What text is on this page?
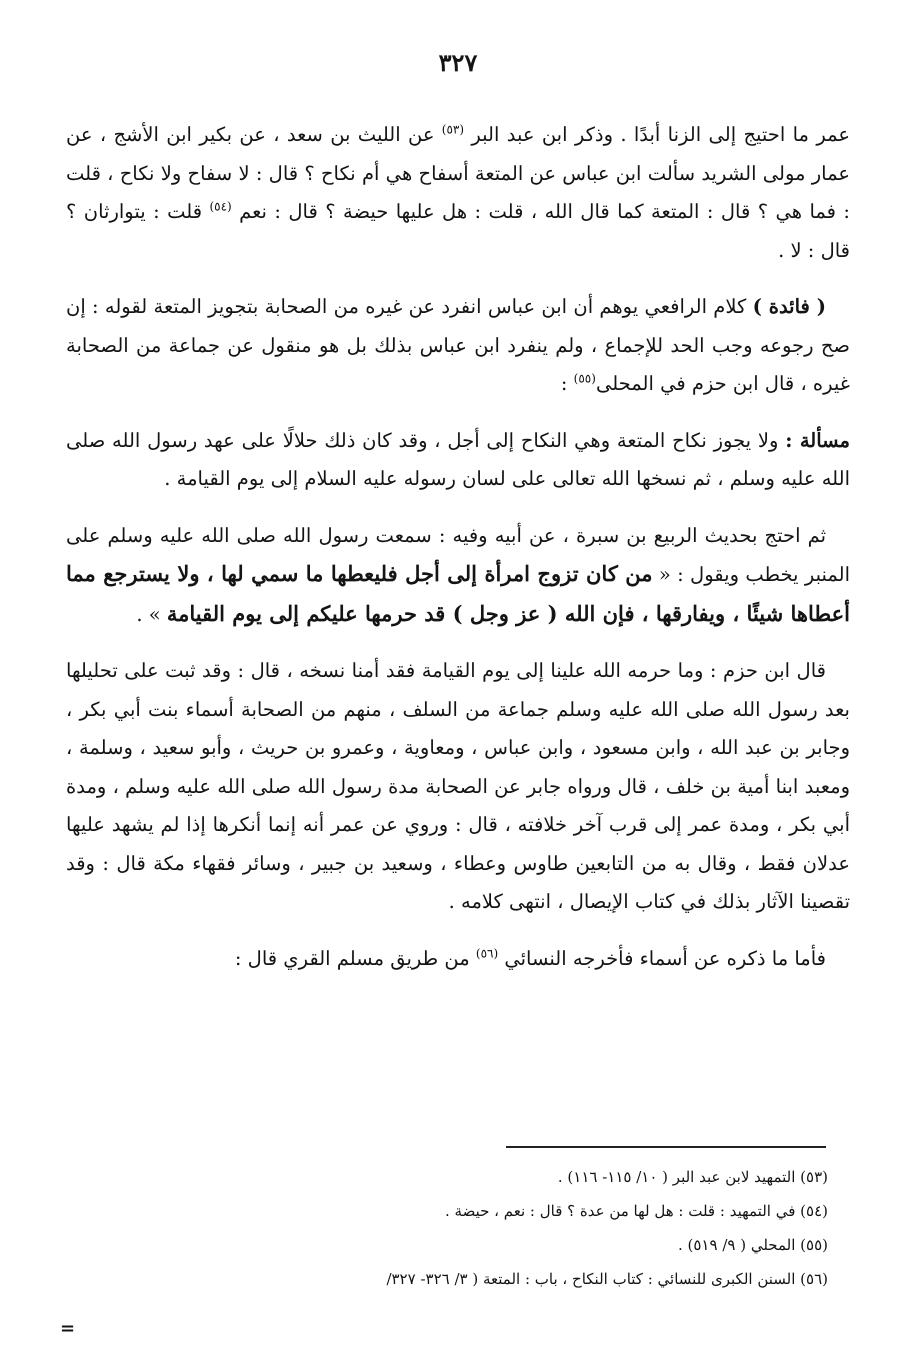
٣٢٧

عمر ما احتيج إلى الزنا أبدًا . وذكر ابن عبد البر $^{(٥٣)}$ عن الليث بن سعد ، عن بكير ابن الأشج ، عن عمار مولى الشريد سألت ابن عباس عن المتعة أسفاح هي أم نكاح ؟ قال : لا سفاح ولا نكاح ، قلت : فما هي ؟ قال : المتعة كما قال الله ، قلت : هل عليها حيضة ؟ قال : نعم $^{(٥٤)}$ قلت : يتوارثان ؟ قال : لا .

( فائدة ) كلام الرافعي يوهم أن ابن عباس انفرد عن غيره من الصحابة بتجويز المتعة لقوله : إن صح رجوعه وجب الحد للإجماع ، ولم ينفرد ابن عباس بذلك بل هو منقول عن جماعة من الصحابة غيره ، قال ابن حزم في المحلى$^{(٥٥)}$ :

مسألة : ولا يجوز نكاح المتعة وهي النكاح إلى أجل ، وقد كان ذلك حلالًا على عهد رسول الله صلى الله عليه وسلم ، ثم نسخها الله تعالى على لسان رسوله عليه السلام إلى يوم القيامة .

ثم احتج بحديث الربيع بن سبرة ، عن أبيه وفيه : سمعت رسول الله صلى الله عليه وسلم على المنبر يخطب ويقول : « من كان تزوج امرأة إلى أجل فليعطها ما سمي لها ، ولا يسترجع مما أعطاها شيئًا ، ويفارقها ، فإن الله ( عز وجل ) قد حرمها عليكم إلى يوم القيامة » .

قال ابن حزم : وما حرمه الله علينا إلى يوم القيامة فقد أمنا نسخه ، قال : وقد ثبت على تحليلها بعد رسول الله صلى الله عليه وسلم جماعة من السلف ، منهم من الصحابة أسماء بنت أبي بكر ، وجابر بن عبد الله ، وابن مسعود ، وابن عباس ، ومعاوية ، وعمرو بن حريث ، وأبو سعيد ، وسلمة ، ومعبد ابنا أمية بن خلف ، قال ورواه جابر عن الصحابة مدة رسول الله صلى الله عليه وسلم ، ومدة أبي بكر ، ومدة عمر إلى قرب آخر خلافته ، قال : وروي عن عمر أنه إنما أنكرها إذا لم يشهد عليها عدلان فقط ، وقال به من التابعين طاوس وعطاء ، وسعيد بن جبير ، وسائر فقهاء مكة قال : وقد تقصينا الآثار بذلك في كتاب الإيصال ، انتهى كلامه .

فأما ما ذكره عن أسماء فأخرجه النسائي $^{(٥٦)}$ من طريق مسلم القري قال :

(٥٣) التمهيد لابن عبد البر ( ١٠/ ١١٥- ١١٦) .
(٥٤) في التمهيد : قلت : هل لها من عدة ؟ قال : نعم ، حيضة .
(٥٥) المحلي ( ٩/ ٥١٩) .
(٥٦) السنن الكبرى للنسائي : كتاب النكاح ، باب : المتعة ( ٣/ ٣٢٦- ٣٢٧/
=
